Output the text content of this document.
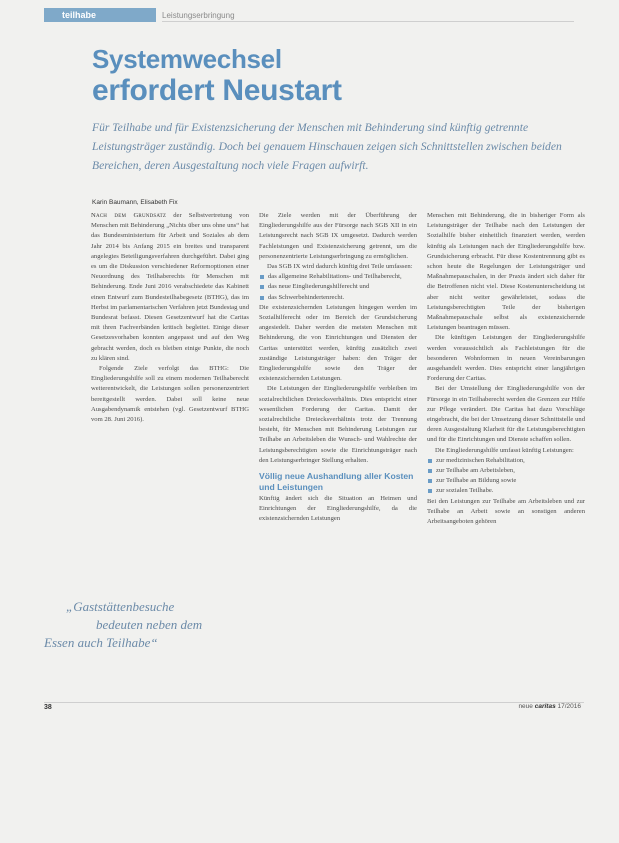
teilhabe	Leistungserbringung
Systemwechsel
erfordert Neustart
Für Teilhabe und für Existenzsicherung der Menschen mit Behinderung sind künftig getrennte Leistungsträger zuständig. Doch bei genauem Hinschauen zeigen sich Schnittstellen zwischen beiden Bereichen, deren Ausgestaltung noch viele Fragen aufwirft.
Karin Baumann, Elisabeth Fix

Nach dem Grundsatz der Selbstvertretung von Menschen mit Behinderung „Nichts über uns ohne uns“ hat das Bundesministerium für Arbeit und Soziales ab dem Jahr 2014 bis Anfang 2015 ein breites und transparent angelegtes Beteiligungsverfahren durchgeführt. Dabei ging es um die Diskussion verschiedener Reformoptionen einer Neuordnung des Teilhaberechts für Menschen mit Behinderung. Ende Juni 2016 verabschiedete das Kabinett einen Entwurf zum Bundesteilhabegesetz (BTHG), das im Herbst im parlamentarischen Verfahren jetzt Bundestag und Bundesrat befasst. Diesen Gesetzentwurf hat die Caritas mit ihren Fachverbänden kritisch begleitet. Einige dieser Gesetzesvorhaben konnten angepasst und auf den Weg gebracht werden, doch es bleiben einige Punkte, die noch zu klären sind.

Folgende Ziele verfolgt das BTHG: Die Eingliederungshilfe soll zu einem modernen Teilhaberecht weiterentwickelt, die Leistungen sollen personenzentriert bereitgestellt werden. Dabei soll keine neue Ausgabendynamik entstehen (vgl. Gesetzentwurf BTHG vom 28. Juni 2016).

Die Ziele werden mit der Überführung der Eingliederungshilfe aus der Fürsorge nach SGB XII in ein Leistungsrecht nach SGB IX umgesetzt. Dadurch werden Fachleistungen und Existenzsicherung getrennt, um die personenzentrierte Leistungserbringung zu ermöglichen.

Das SGB IX wird dadurch künftig drei Teile umfassen:

das allgemeine Rehabilitations- und Teilhaberecht,
das neue Eingliederungshilferecht und
das Schwerbehindertenrecht.

Die existenzsichernden Leistungen hingegen werden im Sozialhilferecht oder im Bereich der Grundsicherung angesiedelt. Daher werden die meisten Menschen mit Behinderung, die von Einrichtungen und Diensten der Caritas unterstützt werden, künftig zusätzlich zwei zuständige Leistungsträger haben: den Träger der Eingliederungshilfe sowie den Träger der existenzsichernden Leistungen.

Die Leistungen der Eingliederungshilfe verbleiben im sozialrechtlichen Dreiecksverhältnis. Dies entspricht einer wesentlichen Forderung der Caritas. Damit der sozialrechtliche Dreiecksverhältnis trotz der Trennung besteht, für Menschen mit Behinderung Leistungen zur Teilhabe an Arbeitsleben die Wunsch- und Wahlrechte der Leistungsberechtigten sowie die Einrichtungsträger nach den Leistungserbringer Stellung erhalten.

Völlig neue Aushandlung aller Kosten und Leistungen

Künftig ändert sich die Situation an Heimen und Einrichtungen der Eingliederungshilfe, da die existenzsichernden Leistungen

Menschen mit Behinderung, die in bisheriger Form als Leistungsträger der Teilhabe nach den Leistungen der Sozialhilfe bisher einheitlich finanziert werden, werden künftig als Leistungen nach der Eingliederungshilfe bzw. Grundsicherung erbracht. Für diese Kostentrennung gibt es schon heute die Regelungen der Leistungsträger und Maßnahmepauschalen, in der Praxis ändert sich daher für die Betroffenen nicht viel. Diese Kostenunterscheidung ist aber nicht weiter gewährleistet, sodass die Leistungsberechtigten Teile der bisherigen Maßnahmepauschale selbst als existenzsichernde Leistungen beantragen müssen.

Die künftigen Leistungen der Eingliederungshilfe werden voraussichtlich als Fachleistungen für die besonderen Wohnformen in neuen Vereinbarungen ausgehandelt werden. Dies entspricht einer langjährigen Forderung der Caritas.

Bei der Umstellung der Eingliederungshilfe von der Fürsorge in ein Teilhaberecht werden die Grenzen zur Hilfe zur Pflege verändert. Die Caritas hat dazu Vorschläge eingebracht, die bei der Umsetzung dieser Schnittstelle und deren Ausgestaltung Klarheit für die Leistungsberechtigten und für die Einrichtungen und Dienste schaffen sollen.

Die Eingliederungshilfe umfasst künftig Leistungen:

zur medizinischen Rehabilitation,
zur Teilhabe am Arbeitsleben,
zur Teilhabe an Bildung sowie
zur sozialen Teilhabe.

Bei den Leistungen zur Teilhabe am Arbeitsleben und zur Teilhabe an Arbeit sowie an sonstigen anderen Arbeitsangeboten gehören

„Gaststättenbesuche
bedeuten neben dem
Essen auch Teilhabe“
38	neue caritas 17/2016
